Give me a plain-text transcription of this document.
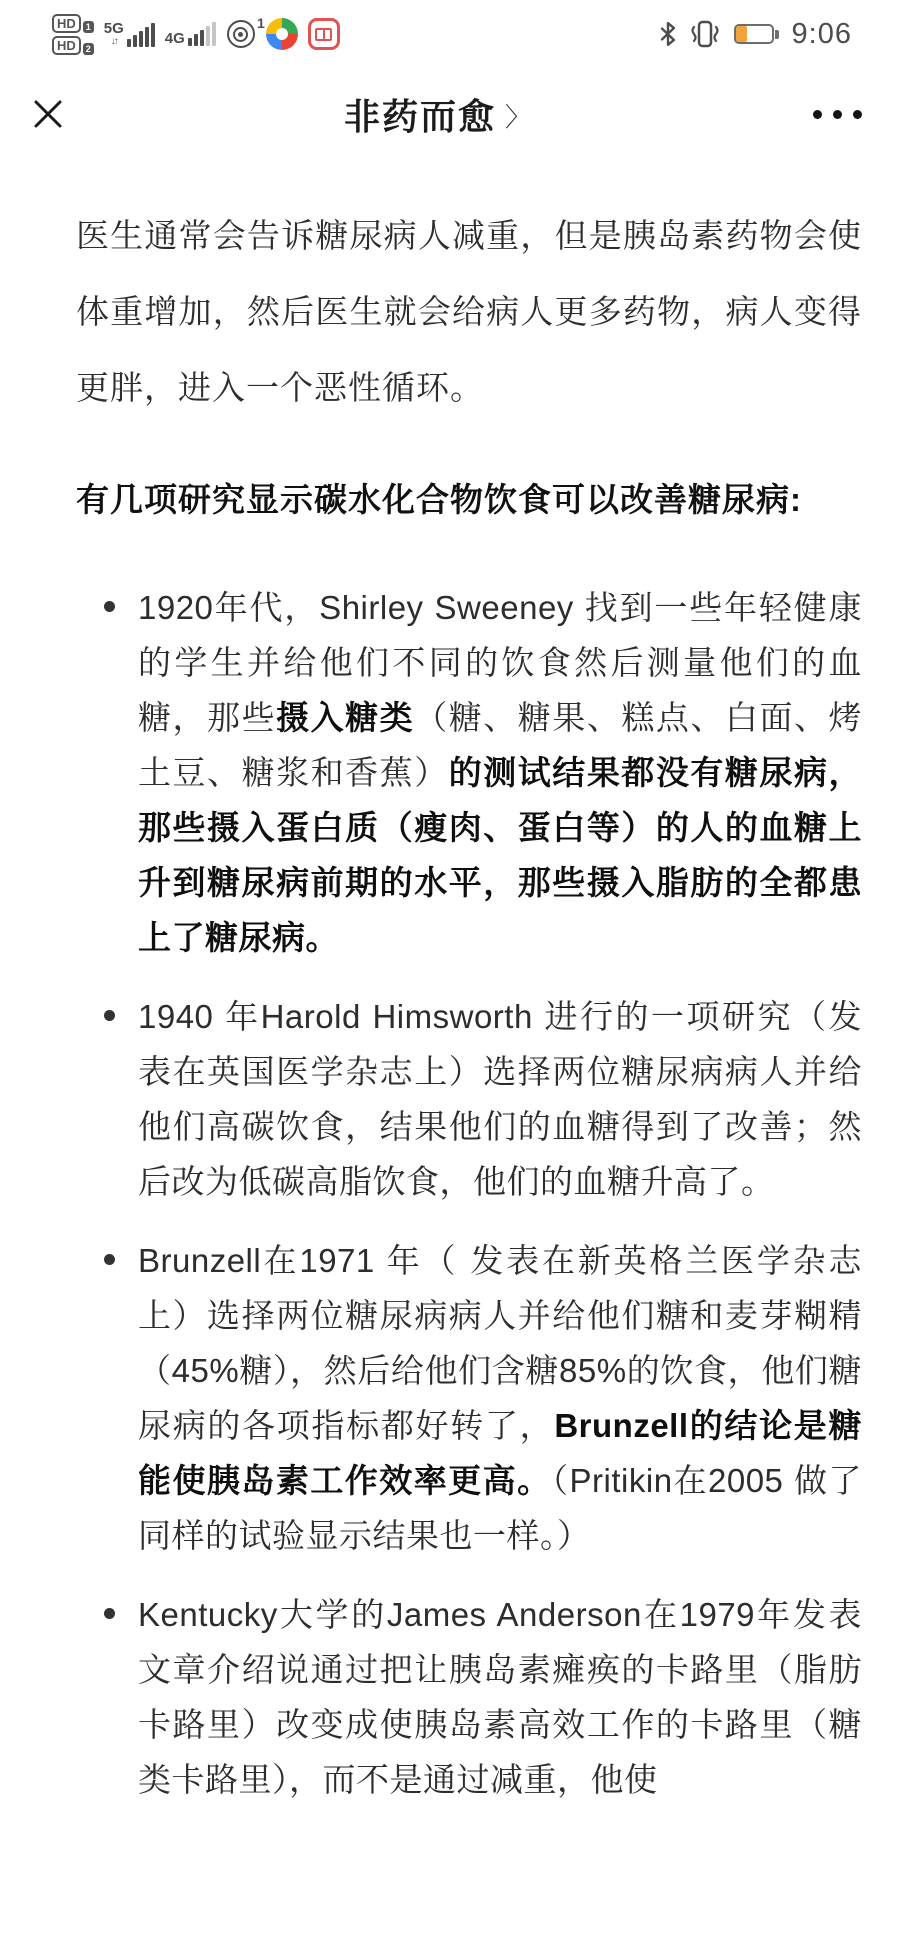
HD	1
HD	2
5G
↓↑	4G
1	9:06
非药而愈 〉

医生通常会告诉糖尿病人减重，但是胰岛素药物会使体重增加，然后医生就会给病人更多药物，病人变得更胖，进入一个恶性循环。

有几项研究显示碳水化合物饮食可以改善糖尿病:

1920年代，Shirley Sweeney 找到一些年轻健康的学生并给他们不同的饮食然后测量他们的血糖，那些摄入糖类（糖、糖果、糕点、白面、烤土豆、糖浆和香蕉）的测试结果都没有糖尿病，那些摄入蛋白质（瘦肉、蛋白等）的人的血糖上升到糖尿病前期的水平，那些摄入脂肪的全都患上了糖尿病。
1940 年Harold Himsworth 进行的一项研究（发表在英国医学杂志上）选择两位糖尿病病人并给他们高碳饮食，结果他们的血糖得到了改善；然后改为低碳高脂饮食，他们的血糖升高了。
Brunzell在1971 年（ 发表在新英格兰医学杂志上）选择两位糖尿病病人并给他们糖和麦芽糊精（45%糖），然后给他们含糖85%的饮食，他们糖尿病的各项指标都好转了，Brunzell的结论是糖能使胰岛素工作效率更高。（Pritikin在2005 做了同样的试验显示结果也一样。）
Kentucky大学的James Anderson在1979年发表文章介绍说通过把让胰岛素瘫痪的卡路里（脂肪卡路里）改变成使胰岛素高效工作的卡路里（糖类卡路里），而不是通过减重，他使
